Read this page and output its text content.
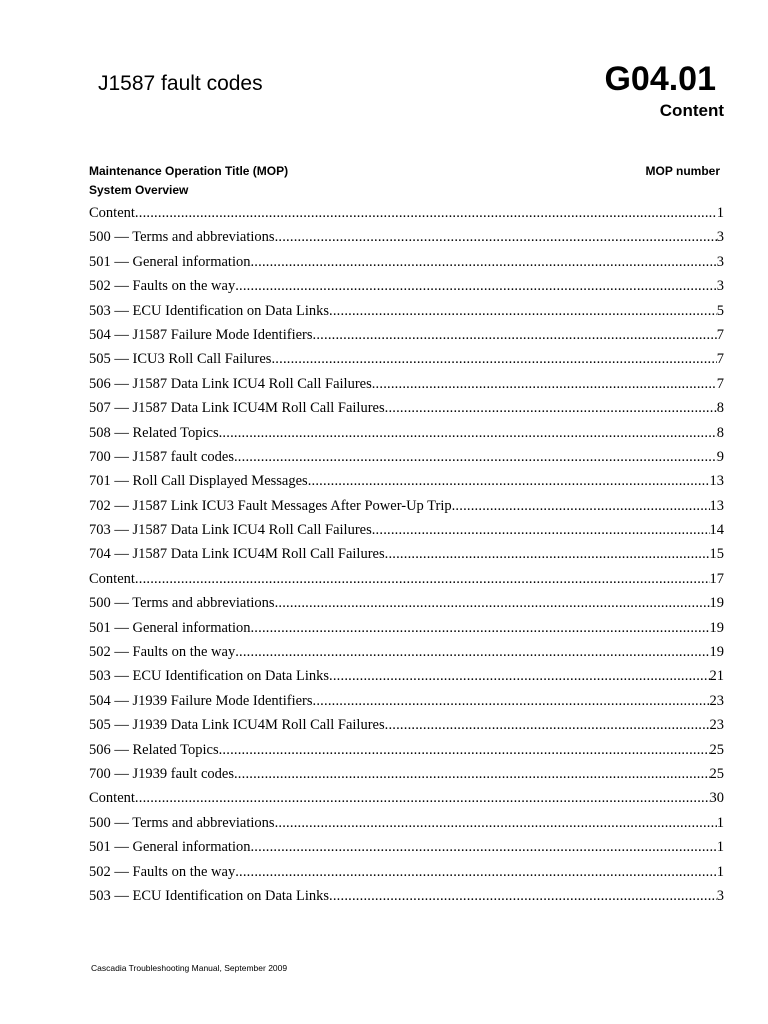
J1587 fault codes	G04.01
Content
Maintenance Operation Title (MOP)	MOP number
System Overview
Content .....	1
500 — Terms and abbreviations .....	3
501 — General information .....	3
502 — Faults on the way .....	3
503 — ECU Identification on Data Links .....	5
504 — J1587 Failure Mode Identifiers .....	7
505 — ICU3 Roll Call Failures .....	7
506 — J1587 Data Link ICU4 Roll Call Failures .....	7
507 — J1587 Data Link ICU4M Roll Call Failures .....	8
508 — Related Topics .....	8
700 — J1587 fault codes .....	9
701 — Roll Call Displayed Messages .....	13
702 — J1587 Link ICU3 Fault Messages After Power-Up Trip .....	13
703 — J1587 Data Link ICU4 Roll Call Failures .....	14
704 — J1587 Data Link ICU4M Roll Call Failures .....	15
Content .....	17
500 — Terms and abbreviations .....	19
501 — General information .....	19
502 — Faults on the way .....	19
503 — ECU Identification on Data Links .....	21
504 — J1939 Failure Mode Identifiers .....	23
505 — J1939 Data Link ICU4M Roll Call Failures .....	23
506 — Related Topics .....	25
700 — J1939 fault codes .....	25
Content .....	30
500 — Terms and abbreviations .....	1
501 — General information .....	1
502 — Faults on the way .....	1
503 — ECU Identification on Data Links .....	3
Cascadia Troubleshooting Manual, September 2009
